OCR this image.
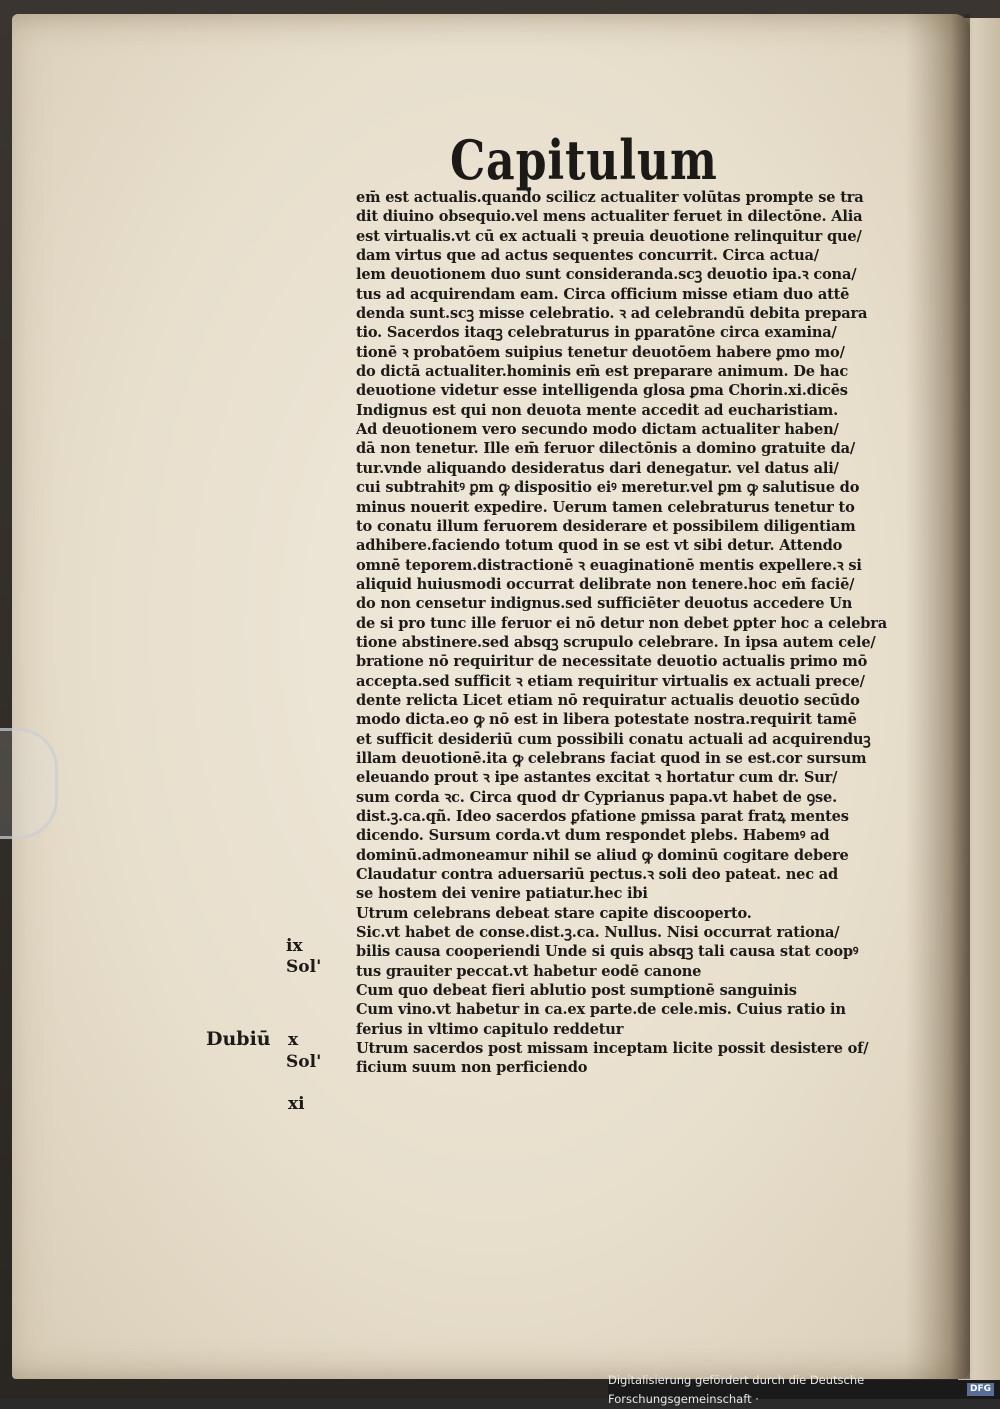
Capitulum
em̄ est actualis.quando scilicz actualiter volūtas prompte se tra
dit diuino obsequio.vel mens actualiter feruet in dilectōne. Alia
est virtualis.vt cū ex actuali ꝛ preuia deuotione relinquitur que/
dam virtus que ad actus sequentes concurrit. Circa actua/
lem deuotionem duo sunt consideranda.scꝫ deuotio ipa.ꝛ cona/
tus ad acquirendam eam. Circa officium misse etiam duo attē
denda sunt.scꝫ misse celebratio. ꝛ ad celebrandū debita prepara
tio. Sacerdos itaqꝫ celebraturus in ꝑparatōne circa examina/
tionē ꝛ probatōem suipius tenetur deuotōem habere ꝑmo mo/
do dictā actualiter.hominis em̄ est preparare animum. De hac
deuotione videtur esse intelligenda glosa ꝑma Chorin.xi.dicēs
Indignus est qui non deuota mente accedit ad eucharistiam.
Ad deuotionem vero secundo modo dictam actualiter haben/
dā non tenetur. Ille em̄ feruor dilectōnis a domino gratuite da/
tur.vnde aliquando desideratus dari denegatur. vel datus ali/
cui subtrahitꝰ ꝑm ꝙ dispositio eiꝰ meretur.vel ꝑm ꝙ salutisue do
minus nouerit expedire. Uerum tamen celebraturus tenetur to
to conatu illum feruorem desiderare et possibilem diligentiam
adhibere.faciendo totum quod in se est vt sibi detur. Attendo
omnē teporem.distractionē ꝛ euaginationē mentis expellere.ꝛ si
aliquid huiusmodi occurrat delibrate non tenere.hoc em̄ faciē/
do non censetur indignus.sed sufficiēter deuotus accedere Un
de si pro tunc ille feruor ei nō detur non debet ꝑpter hoc a celebra
tione abstinere.sed absqꝫ scrupulo celebrare. In ipsa autem cele/
bratione nō requiritur de necessitate deuotio actualis primo mō
accepta.sed sufficit ꝛ etiam requiritur virtualis ex actuali prece/
dente relicta Licet etiam nō requiratur actualis deuotio secūdo
modo dicta.eo ꝙ nō est in libera potestate nostra.requirit tamē
et sufficit desideriū cum possibili conatu actuali ad acquirenduꝫ
illam deuotionē.ita ꝙ celebrans faciat quod in se est.cor sursum
eleuando prout ꝛ ipe astantes excitat ꝛ hortatur cum dr. Sur/
sum corda ꝛc. Circa quod dr Cyprianus papa.vt habet de ꝯse.
dist.ꝫ.ca.qñ. Ideo sacerdos ꝑfatione ꝑmissa parat fratꝝ mentes
dicendo. Sursum corda.vt dum respondet plebs. Habemꝰ ad
dominū.admoneamur nihil se aliud ꝙ dominū cogitare debere
Claudatur contra aduersariū pectus.ꝛ soli deo pateat. nec ad
se hostem dei venire patiatur.hec ibi
Utrum celebrans debeat stare capite discooperto.
Sic.vt habet de conse.dist.ꝫ.ca. Nullus. Nisi occurrat rationa/
bilis causa cooperiendi Unde si quis absqꝫ tali causa stat coopꝰ
tus grauiter peccat.vt habetur eodē canone
Cum quo debeat fieri ablutio post sumptionē sanguinis
Cum vino.vt habetur in ca.ex parte.de cele.mis. Cuius ratio in
ferius in vltimo capitulo reddetur
Utrum sacerdos post missam inceptam licite possit desistere of/
ficium suum non perficiendo
ix
Sol'
Dubiū x
Sol'
xi
Digitalisierung gefördert durch die Deutsche Forschungsgemeinschaft ·
DFG
